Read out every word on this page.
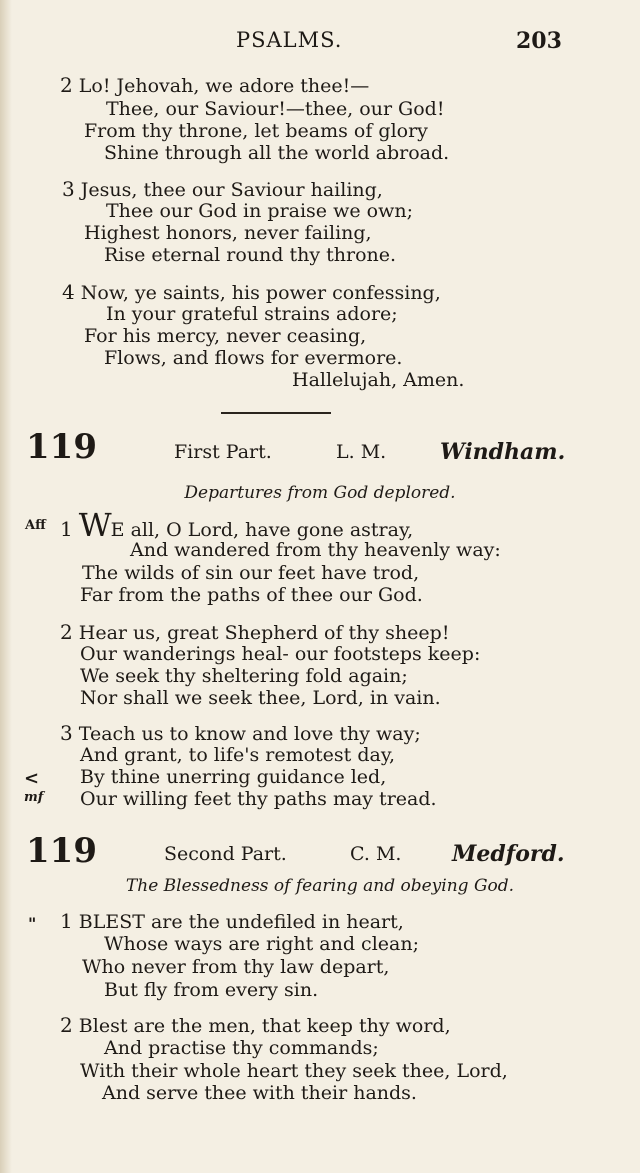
PSALMS.	203
2 Lo! Jehovah, we adore thee!—
Thee, our Saviour!—thee, our God!
From thy throne, let beams of glory
Shine through all the world abroad.
3 Jesus, thee our Saviour hailing,
Thee our God in praise we own;
Highest honors, never failing,
Rise eternal round thy throne.
4 Now, ye saints, his power confessing,
In your grateful strains adore;
For his mercy, never ceasing,
Flows, and flows for evermore.
Hallelujah, Amen.
119	First Part.	L. M. Windham.
Departures from God deplored.
Aff 1 WE all, O Lord, have gone astray,
And wandered from thy heavenly way:
The wilds of sin our feet have trod,
Far from the paths of thee our God.
2 Hear us, great Shepherd of thy sheep!
Our wanderings heal- our footsteps keep:
We seek thy sheltering fold again;
Nor shall we seek thee, Lord, in vain.
3 Teach us to know and love thy way;
And grant, to life's remotest day,
< By thine unerring guidance led,
mf Our willing feet thy paths may tread.
119	Second Part.	C. M. Medford.
The Blessedness of fearing and obeying God.
" 1 BLEST are the undefiled in heart,
Whose ways are right and clean;
Who never from thy law depart,
But fly from every sin.
2 Blest are the men, that keep thy word,
And practise thy commands;
With their whole heart they seek thee, Lord,
And serve thee with their hands.
